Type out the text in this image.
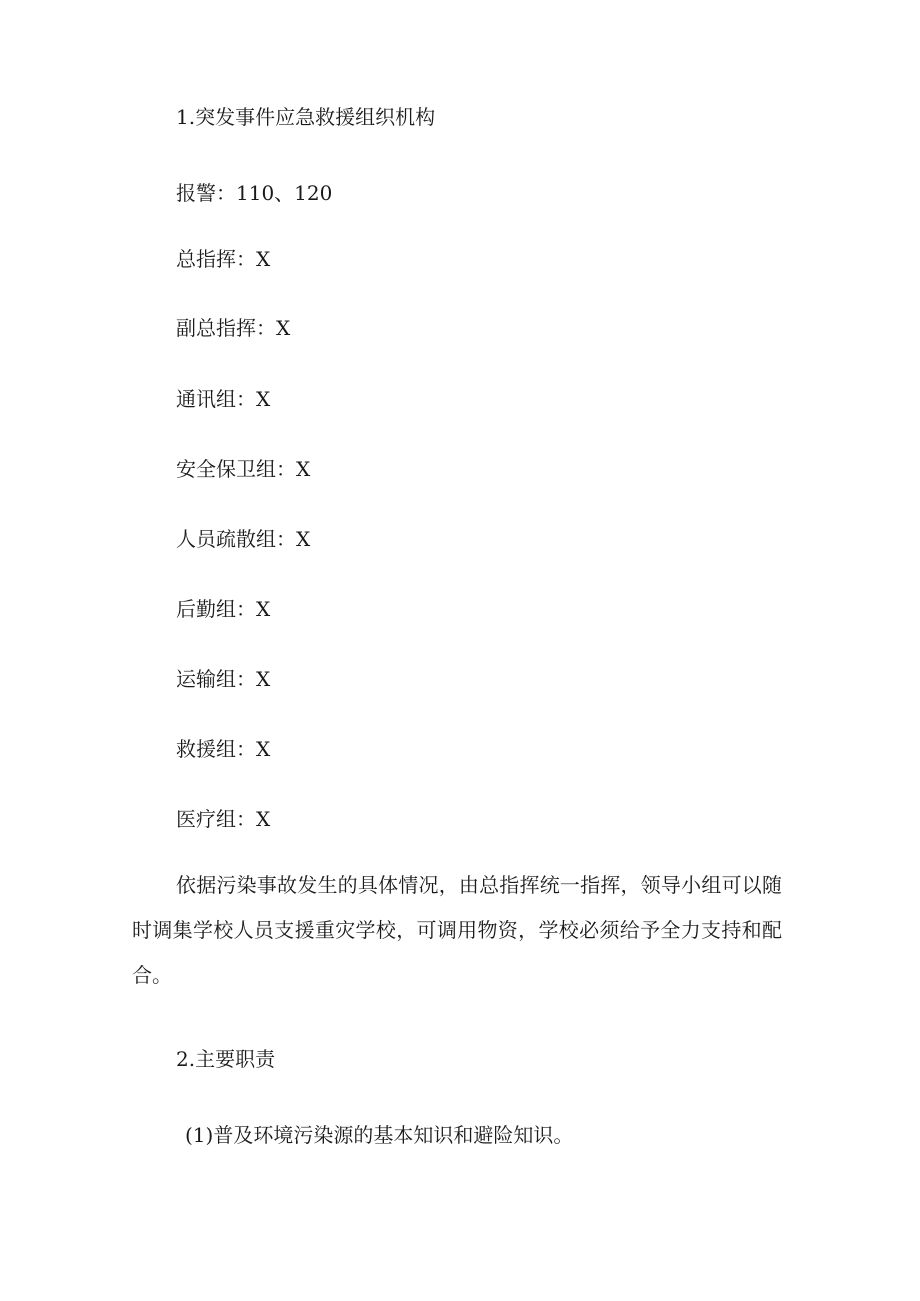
1.突发事件应急救援组织机构
报警：110、120
总指挥：X
副总指挥：X
通讯组：X
安全保卫组：X
人员疏散组：X
后勤组：X
运输组：X
救援组：X
医疗组：X
依据污染事故发生的具体情况，由总指挥统一指挥，领导小组可以随时调集学校人员支援重灾学校，可调用物资，学校必须给予全力支持和配合。
2.主要职责
(1)普及环境污染源的基本知识和避险知识。
